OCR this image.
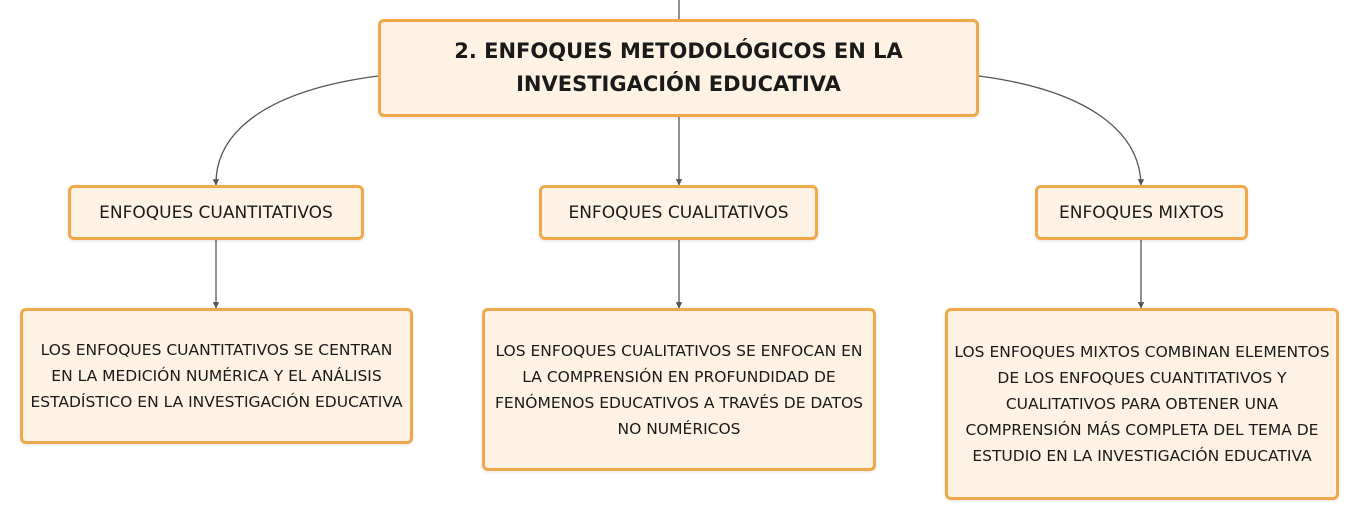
2. ENFOQUES METODOLÓGICOS EN LA INVESTIGACIÓN EDUCATIVA
ENFOQUES CUANTITATIVOS	ENFOQUES CUALITATIVOS	ENFOQUES MIXTOS
LOS ENFOQUES CUANTITATIVOS SE CENTRAN EN LA MEDICIÓN NUMÉRICA Y EL ANÁLISIS ESTADÍSTICO EN LA INVESTIGACIÓN EDUCATIVA
LOS ENFOQUES CUALITATIVOS SE ENFOCAN EN LA COMPRENSIÓN EN PROFUNDIDAD DE FENÓMENOS EDUCATIVOS A TRAVÉS DE DATOS NO NUMÉRICOS
LOS ENFOQUES MIXTOS COMBINAN ELEMENTOS DE LOS ENFOQUES CUANTITATIVOS Y CUALITATIVOS PARA OBTENER UNA COMPRENSIÓN MÁS COMPLETA DEL TEMA DE ESTUDIO EN LA INVESTIGACIÓN EDUCATIVA
